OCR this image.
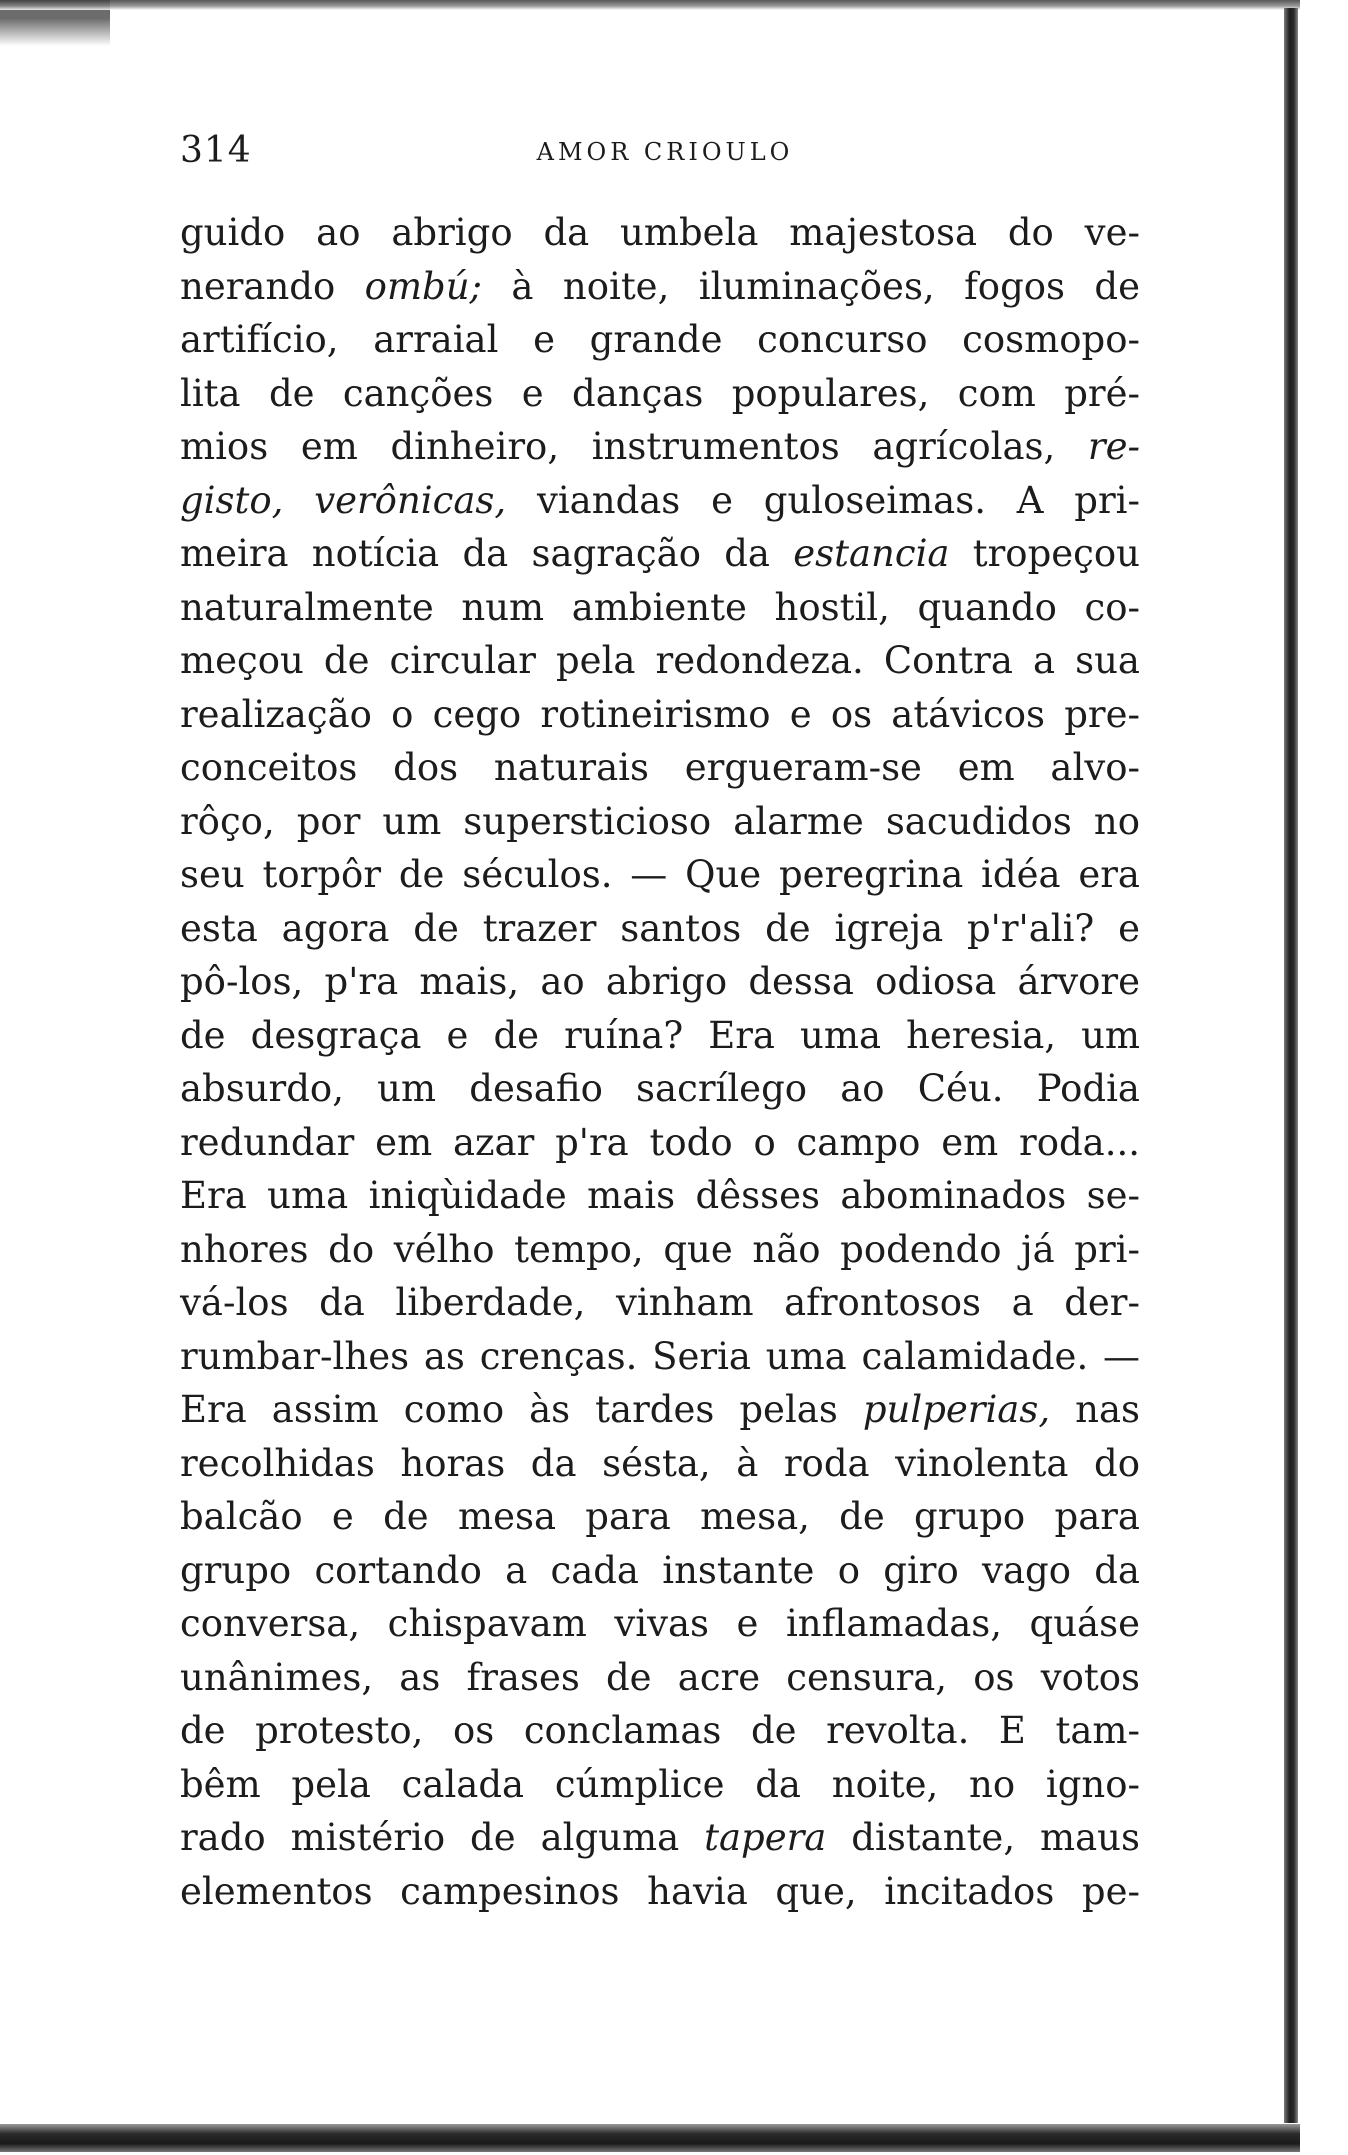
314	AMOR CRIOULO
guido ao abrigo da umbela majestosa do ve-
nerando ombú; à noite, iluminações, fogos de
artifício, arraial e grande concurso cosmopo-
lita de canções e danças populares, com pré-
mios em dinheiro, instrumentos agrícolas, re-
gisto, verônicas, viandas e guloseimas. A pri-
meira notícia da sagração da estancia tropeçou
naturalmente num ambiente hostil, quando co-
meçou de circular pela redondeza. Contra a sua
realização o cego rotineirismo e os atávicos pre-
conceitos dos naturais ergueram-se em alvo-
rôço, por um supersticioso alarme sacudidos no
seu torpôr de séculos. — Que peregrina idéa era
esta agora de trazer santos de igreja p'r'ali? e
pô-los, p'ra mais, ao abrigo dessa odiosa árvore
de desgraça e de ruína? Era uma heresia, um
absurdo, um desafio sacrílego ao Céu. Podia
redundar em azar p'ra todo o campo em roda...
Era uma iniqùidade mais dêsses abominados se-
nhores do vélho tempo, que não podendo já pri-
vá-los da liberdade, vinham afrontosos a der-
rumbar-lhes as crenças. Seria uma calamidade. —
Era assim como às tardes pelas pulperias, nas
recolhidas horas da sésta, à roda vinolenta do
balcão e de mesa para mesa, de grupo para
grupo cortando a cada instante o giro vago da
conversa, chispavam vivas e inflamadas, quáse
unânimes, as frases de acre censura, os votos
de protesto, os conclamas de revolta. E tam-
bêm pela calada cúmplice da noite, no igno-
rado mistério de alguma tapera distante, maus
elementos campesinos havia que, incitados pe-
